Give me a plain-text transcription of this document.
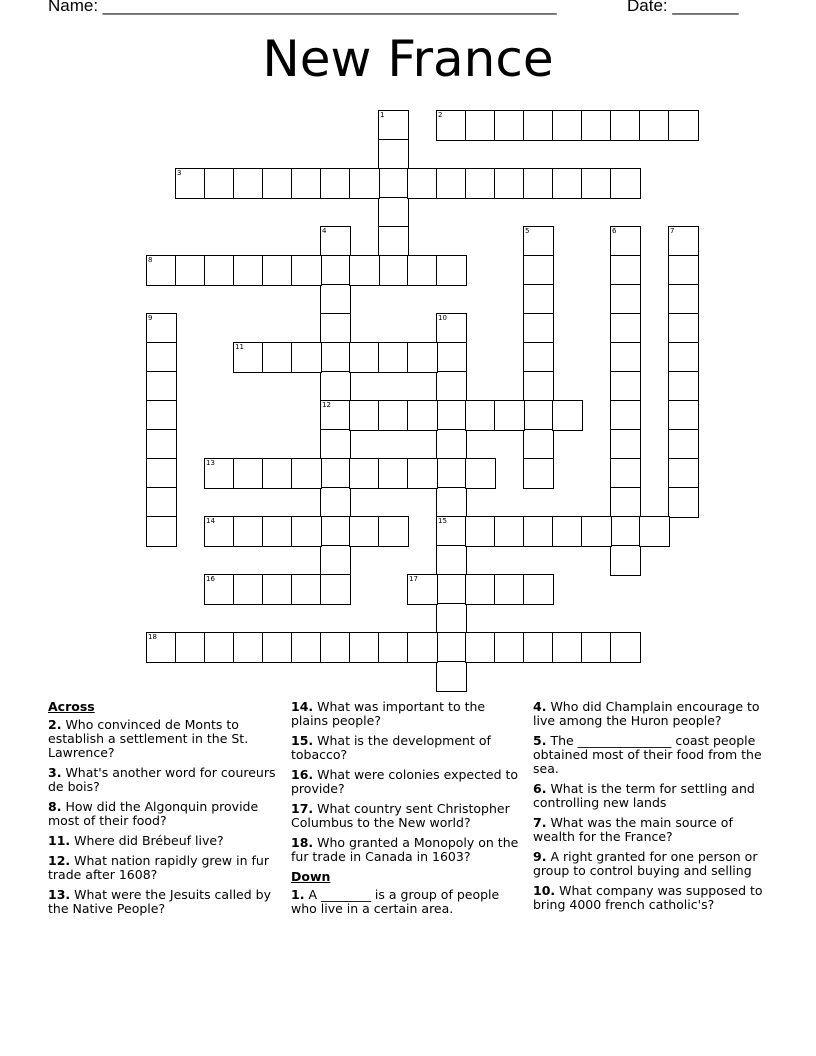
Name: ________________________________________________	Date: _______
New France
1	2
3
4
12
5	6	7
8
9	10
15
11
13
14
16	17
18
Across
2. Who convinced de Monts to establish a settlement in the St. Lawrence?
3. What's another word for coureurs de bois?
8. How did the Algonquin provide most of their food?
11. Where did Brébeuf live?
12. What nation rapidly grew in fur trade after 1608?
13. What were the Jesuits called by the Native People?
14. What was important to the plains people?
15. What is the development of tobacco?
16. What were colonies expected to provide?
17. What country sent Christopher Columbus to the New world?
18. Who granted a Monopoly on the fur trade in Canada in 1603?
Down
1. A ________ is a group of people who live in a certain area.
4. Who did Champlain encourage to live among the Huron people?
5. The _______________ coast people obtained most of their food from the sea.
6. What is the term for settling and controlling new lands
7. What was the main source of wealth for the France?
9. A right granted for one person or group to control buying and selling
10. What company was supposed to bring 4000 french catholic's?
